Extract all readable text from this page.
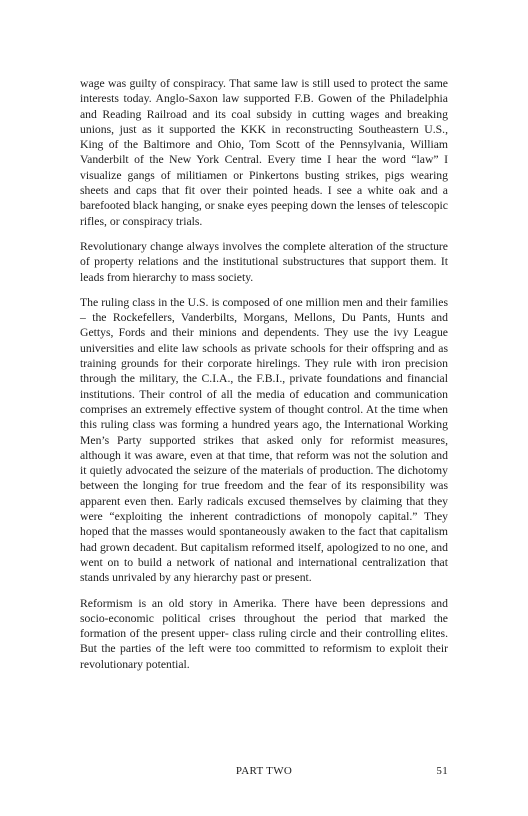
wage was guilty of conspiracy. That same law is still used to protect the same interests today. Anglo-Saxon law supported F.B. Gowen of the Philadelphia and Reading Railroad and its coal subsidy in cutting wages and breaking unions, just as it supported the KKK in reconstructing Southeastern U.S., King of the Baltimore and Ohio, Tom Scott of the Pennsylvania, William Vanderbilt of the New York Central. Every time I hear the word “law” I visualize gangs of militiamen or Pinkertons busting strikes, pigs wearing sheets and caps that fit over their pointed heads. I see a white oak and a barefooted black hanging, or snake eyes peeping down the lenses of telescopic rifles, or conspiracy trials.

Revolutionary change always involves the complete alteration of the structure of property relations and the institutional substructures that support them. It leads from hierarchy to mass society.

The ruling class in the U.S. is composed of one million men and their families – the Rockefellers, Vanderbilts, Morgans, Mellons, Du Pants, Hunts and Gettys, Fords and their minions and dependents. They use the ivy League universities and elite law schools as private schools for their offspring and as training grounds for their corporate hirelings. They rule with iron precision through the military, the C.I.A., the F.B.I., private foundations and financial institutions. Their control of all the media of education and communication comprises an extremely effective system of thought control. At the time when this ruling class was forming a hundred years ago, the International Working Men’s Party supported strikes that asked only for reformist measures, although it was aware, even at that time, that reform was not the solution and it quietly advocated the seizure of the materials of production. The dichotomy between the longing for true freedom and the fear of its responsibility was apparent even then. Early radicals excused themselves by claiming that they were “exploiting the inherent contradictions of monopoly capital.” They hoped that the masses would spontaneously awaken to the fact that capitalism had grown decadent. But capitalism reformed itself, apologized to no one, and went on to build a network of national and international centralization that stands unrivaled by any hierarchy past or present.

Reformism is an old story in Amerika. There have been depressions and socio-economic political crises throughout the period that marked the formation of the present upper- class ruling circle and their controlling elites. But the parties of the left were too committed to reformism to exploit their revolutionary potential.

PART TWO	51
